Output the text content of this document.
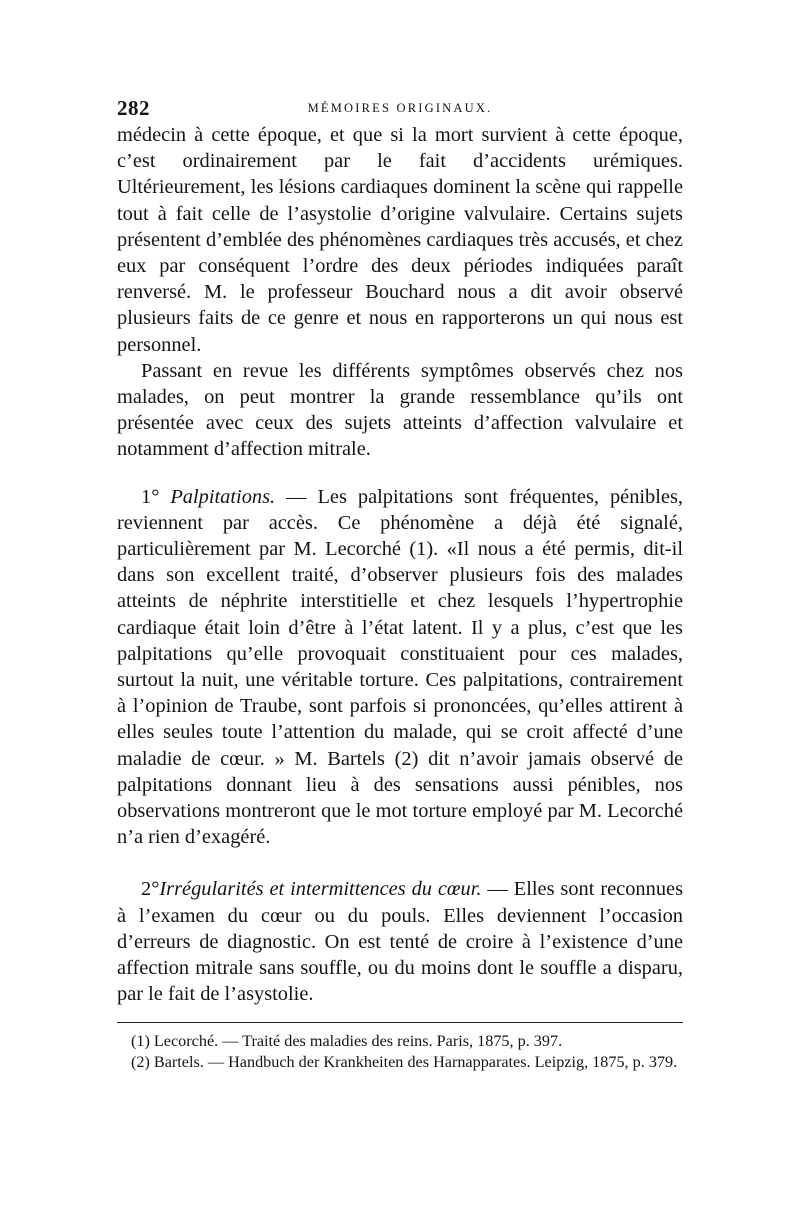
282	MÉMOIRES ORIGINAUX.

médecin à cette époque, et que si la mort survient à cette époque, c’est ordinairement par le fait d’accidents urémiques. Ultérieurement, les lésions cardiaques dominent la scène qui rappelle tout à fait celle de l’asystolie d’origine valvulaire. Certains sujets présentent d’emblée des phénomènes cardiaques très accusés, et chez eux par conséquent l’ordre des deux périodes indiquées paraît renversé. M. le professeur Bouchard nous a dit avoir observé plusieurs faits de ce genre et nous en rapporterons un qui nous est personnel.

Passant en revue les différents symptômes observés chez nos malades, on peut montrer la grande ressemblance qu’ils ont présentée avec ceux des sujets atteints d’affection valvulaire et notamment d’affection mitrale.

1° Palpitations. — Les palpitations sont fréquentes, pénibles, reviennent par accès. Ce phénomène a déjà été signalé, particulièrement par M. Lecorché (1). «Il nous a été permis, dit-il dans son excellent traité, d’observer plusieurs fois des malades atteints de néphrite interstitielle et chez lesquels l’hypertrophie cardiaque était loin d’être à l’état latent. Il y a plus, c’est que les palpitations qu’elle provoquait constituaient pour ces malades, surtout la nuit, une véritable torture. Ces palpitations, contrairement à l’opinion de Traube, sont parfois si prononcées, qu’elles attirent à elles seules toute l’attention du malade, qui se croit affecté d’une maladie de cœur. » M. Bartels (2) dit n’avoir jamais observé de palpitations donnant lieu à des sensations aussi pénibles, nos observations montreront que le mot torture employé par M. Lecorché n’a rien d’exagéré.

2°Irrégularités et intermittences du cœur. — Elles sont reconnues à l’examen du cœur ou du pouls. Elles deviennent l’occasion d’erreurs de diagnostic. On est tenté de croire à l’existence d’une affection mitrale sans souffle, ou du moins dont le souffle a disparu, par le fait de l’asystolie.

(1) Lecorché. — Traité des maladies des reins. Paris, 1875, p. 397.

(2) Bartels. — Handbuch der Krankheiten des Harnapparates. Leipzig, 1875, p. 379.
